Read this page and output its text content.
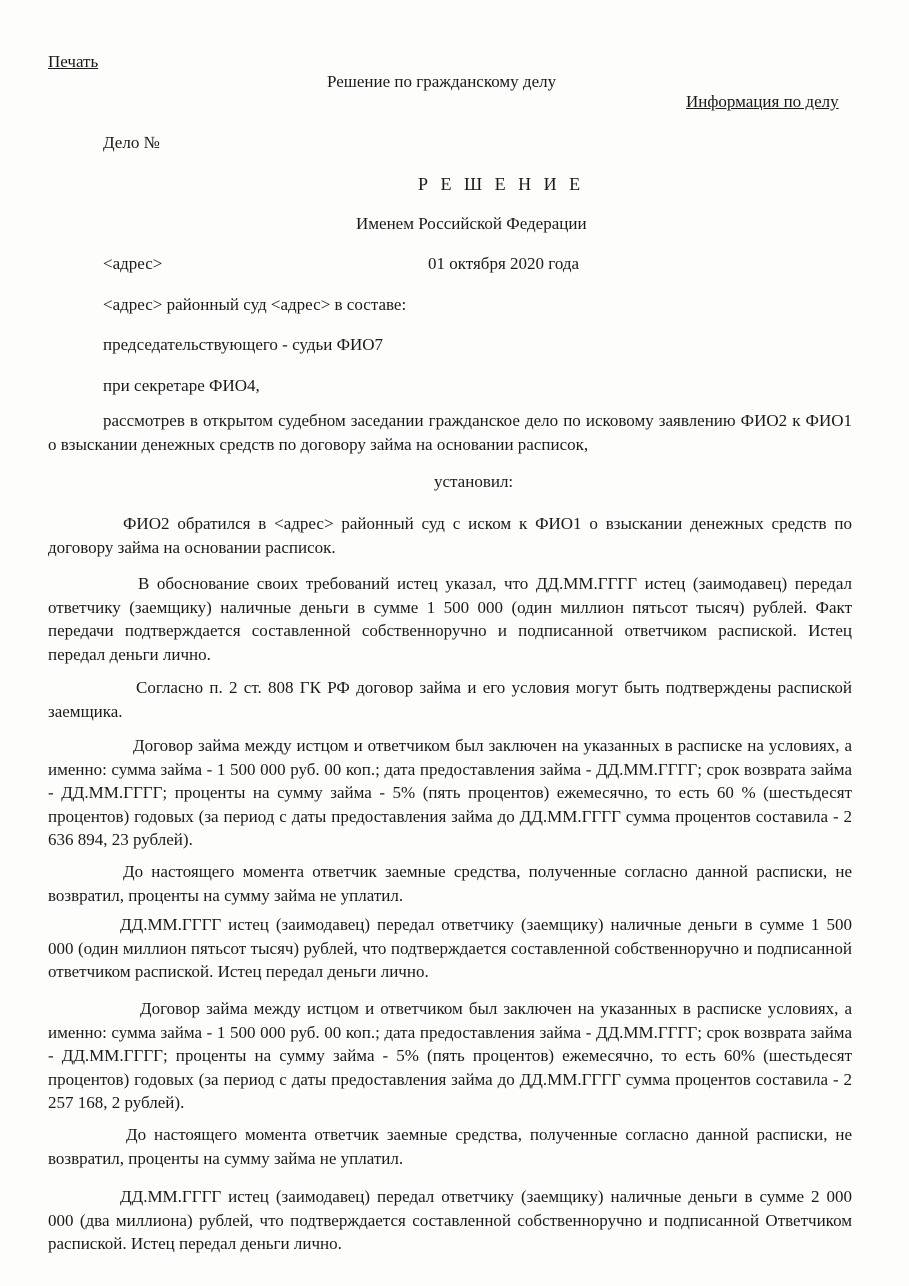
Печать
Решение по гражданскому делу
Информация по делу
Дело №
Р Е Ш Е Н И Е
Именем Российской Федерации
<адрес>	01 октября 2020 года
<адрес> районный суд <адрес> в составе:
председательствующего - судьи ФИО7
при секретаре ФИО4,

рассмотрев в открытом судебном заседании гражданское дело по исковому заявлению ФИО2 к ФИО1 о взыскании денежных средств по договору займа на основании расписок,

установил:

ФИО2 обратился в <адрес> районный суд с иском к ФИО1 о взыскании денежных средств по договору займа на основании расписок.

В обоснование своих требований истец указал, что ДД.ММ.ГГГГ истец (заимодавец) передал ответчику (заемщику) наличные деньги в сумме 1 500 000 (один миллион пятьсот тысяч) рублей. Факт передачи подтверждается составленной собственноручно и подписанной ответчиком распиской. Истец передал деньги лично.

Согласно п. 2 ст. 808 ГК РФ договор займа и его условия могут быть подтверждены распиской заемщика.

Договор займа между истцом и ответчиком был заключен на указанных в расписке на условиях, а именно: сумма займа - 1 500 000 руб. 00 коп.; дата предоставления займа - ДД.ММ.ГГГГ; срок возврата займа - ДД.ММ.ГГГГ; проценты на сумму займа - 5% (пять процентов) ежемесячно, то есть 60 % (шестьдесят процентов) годовых (за период с даты предоставления займа до ДД.ММ.ГГГГ сумма процентов составила - 2 636 894, 23 рублей).

До настоящего момента ответчик заемные средства, полученные согласно данной расписки, не возвратил, проценты на сумму займа не уплатил.

ДД.ММ.ГГГГ истец (заимодавец) передал ответчику (заемщику) наличные деньги в сумме 1 500 000 (один миллион пятьсот тысяч) рублей, что подтверждается составленной собственноручно и подписанной ответчиком распиской. Истец передал деньги лично.

Договор займа между истцом и ответчиком был заключен на указанных в расписке условиях, а именно: сумма займа - 1 500 000 руб. 00 коп.; дата предоставления займа - ДД.ММ.ГГГГ; срок возврата займа - ДД.ММ.ГГГГ; проценты на сумму займа - 5% (пять процентов) ежемесячно, то есть 60% (шестьдесят процентов) годовых (за период с даты предоставления займа до ДД.ММ.ГГГГ сумма процентов составила - 2 257 168, 2 рублей).

До настоящего момента ответчик заемные средства, полученные согласно данной расписки, не возвратил, проценты на сумму займа не уплатил.

ДД.ММ.ГГГГ истец (заимодавец) передал ответчику (заемщику) наличные деньги в сумме 2 000 000 (два миллиона) рублей, что подтверждается составленной собственноручно и подписанной Ответчиком распиской. Истец передал деньги лично.
